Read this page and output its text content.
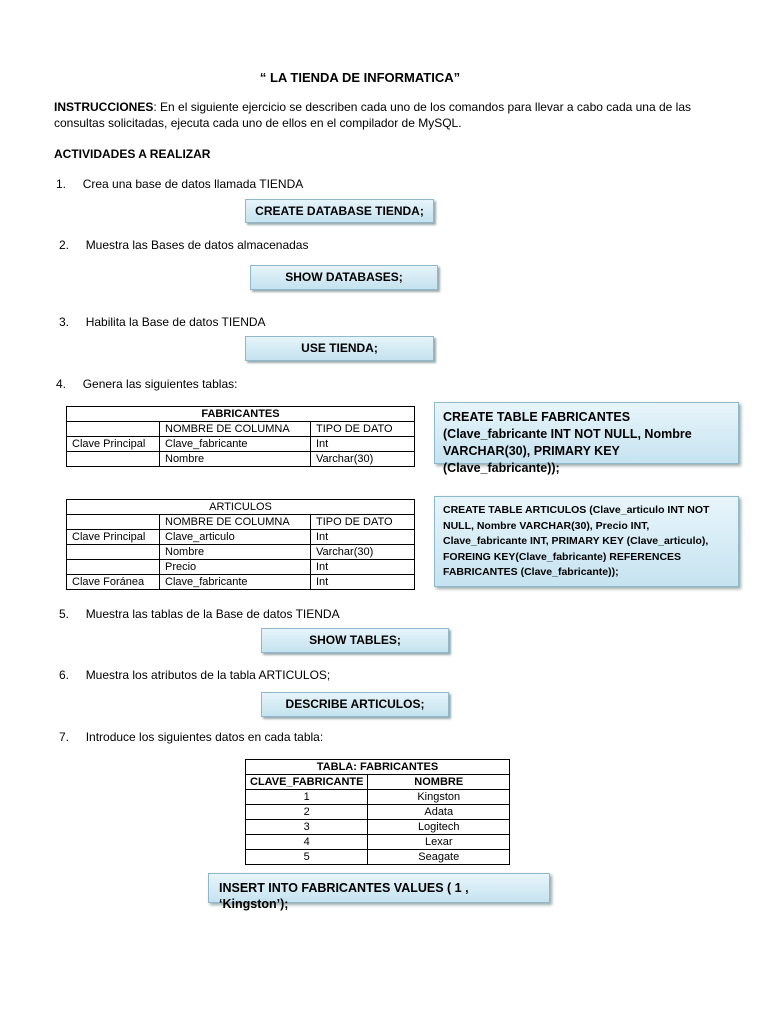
“ LA TIENDA DE INFORMATICA”
INSTRUCCIONES: En el siguiente ejercicio se describen cada uno de los comandos para llevar a cabo cada una de las consultas solicitadas, ejecuta cada uno de ellos en el compilador de MySQL.
ACTIVIDADES A REALIZAR
1. Crea una base de datos llamada TIENDA
CREATE DATABASE TIENDA;
2. Muestra las Bases de datos almacenadas
SHOW DATABASES;
3. Habilita la Base de datos TIENDA
USE TIENDA;
4. Genera las siguientes tablas:
FABRICANTES		
	NOMBRE DE COLUMNA	TIPO DE DATO
Clave Principal	Clave_fabricante	Int
	Nombre	Varchar(30)
CREATE TABLE FABRICANTES (Clave_fabricante INT NOT NULL, Nombre VARCHAR(30), PRIMARY KEY (Clave_fabricante));
ARTICULOS		
	NOMBRE DE COLUMNA	TIPO DE DATO
Clave Principal	Clave_articulo	Int
	Nombre	Varchar(30)
	Precio	Int
Clave Foránea	Clave_fabricante	Int
CREATE TABLE ARTICULOS (Clave_articulo INT NOT NULL, Nombre VARCHAR(30), Precio INT, Clave_fabricante INT, PRIMARY KEY (Clave_articulo), FOREING KEY(Clave_fabricante) REFERENCES FABRICANTES (Clave_fabricante));
5. Muestra las tablas de la Base de datos TIENDA
SHOW TABLES;
6. Muestra los atributos de la tabla ARTICULOS;
DESCRIBE ARTICULOS;
7. Introduce los siguientes datos en cada tabla:
TABLA: FABRICANTES	
CLAVE_FABRICANTE	NOMBRE
1	Kingston
2	Adata
3	Logitech
4	Lexar
5	Seagate
INSERT INTO FABRICANTES VALUES ( 1 , ‘Kingston’);
